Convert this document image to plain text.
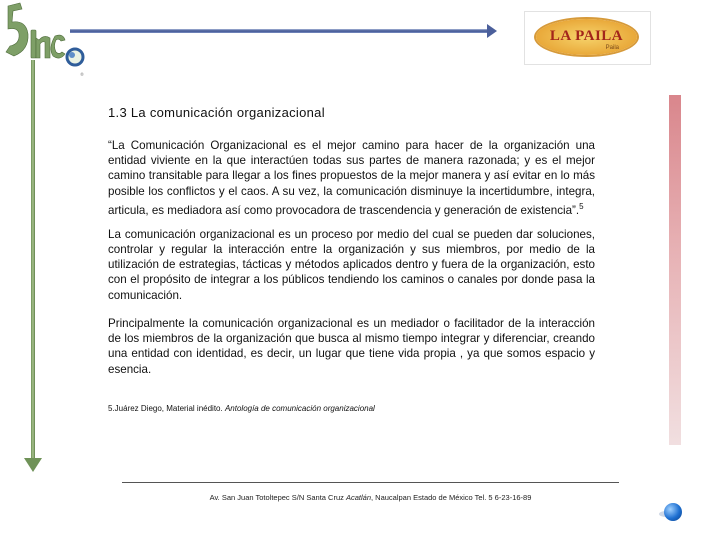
®
LA PAILA
Paila
1.3 La comunicación organizacional

“La Comunicación Organizacional es el mejor camino para hacer de la organización una entidad viviente en la que interactúen todas sus partes de manera razonada; y es el mejor camino transitable para llegar a los fines propuestos de la mejor manera y así evitar en lo más posible los conflictos y el caos. A su vez, la comunicación disminuye la incertidumbre, integra, articula, es mediadora así como provocadora de trascendencia y generación de existencia”.$^5$

La comunicación organizacional es un proceso por medio del cual se pueden dar soluciones, controlar y regular la interacción entre la organización y sus miembros, por medio de la utilización de estrategias, tácticas y métodos aplicados dentro y fuera de la organización, esto con el propósito de integrar a los públicos tendiendo los caminos o canales por donde pasa la comunicación.

Principalmente la comunicación organizacional es un mediador o facilitador de la interacción de los miembros de la organización que busca al mismo tiempo integrar y diferenciar, creando una entidad con identidad, es decir, un lugar que tiene vida propia , ya que somos espacio y esencia.

5.Juárez Diego, Material inédito. Antología de comunicación organizacional
Av. San Juan Totoltepec S/N Santa Cruz Acatlán, Naucalpan Estado de México Tel. 5 6-23-16-89
